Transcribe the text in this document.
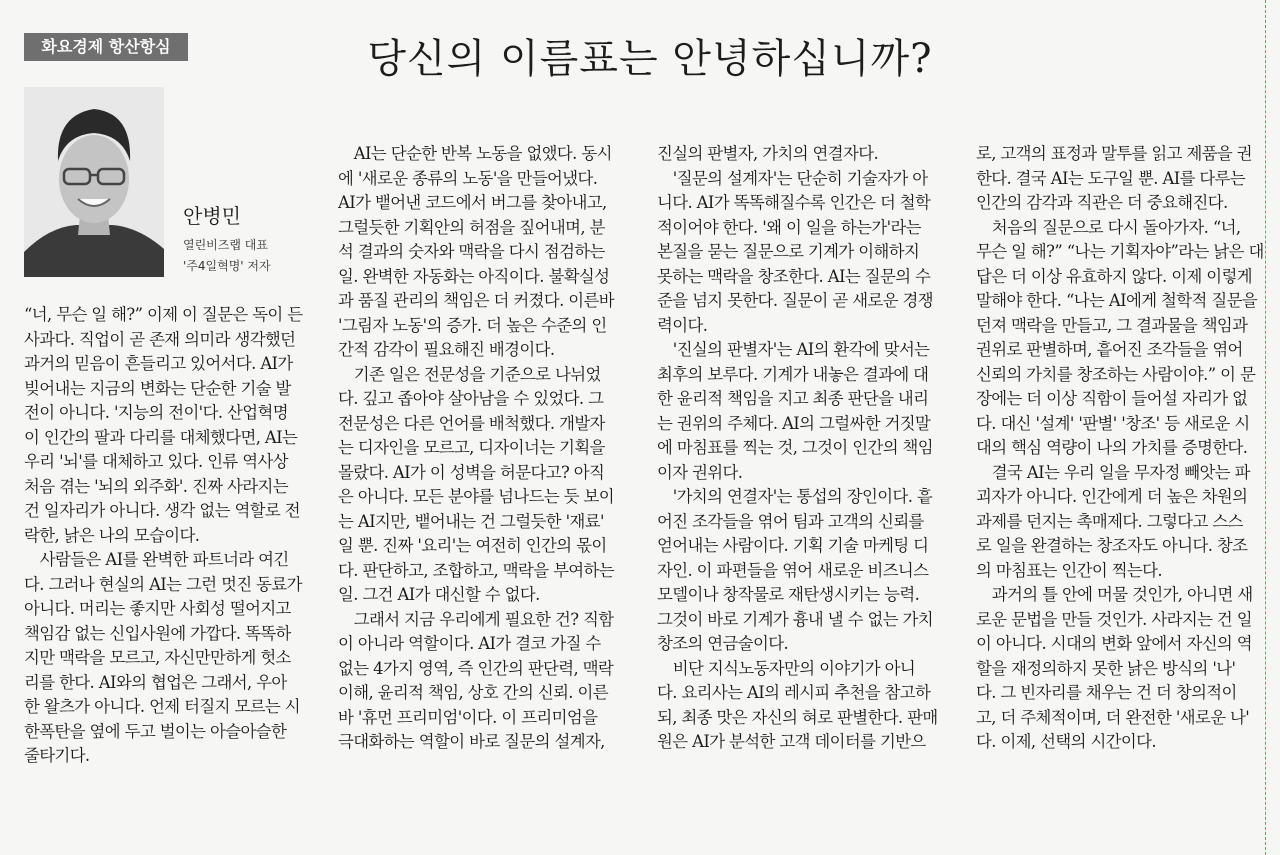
화요경제 항산항심	당신의 이름표는 안녕하십니까?
안병민
열린비즈랩 대표
'주4일혁명' 저자

“너, 무슨 일 해?” 이제 이 질문은 독이 든

사과다. 직업이 곧 존재 의미라 생각했던

과거의 믿음이 흔들리고 있어서다. AI가

빚어내는 지금의 변화는 단순한 기술 발

전이 아니다. '지능의 전이'다. 산업혁명

이 인간의 팔과 다리를 대체했다면, AI는

우리 '뇌'를 대체하고 있다. 인류 역사상

처음 겪는 '뇌의 외주화'. 진짜 사라지는

건 일자리가 아니다. 생각 없는 역할로 전

락한, 낡은 나의 모습이다.

　사람들은 AI를 완벽한 파트너라 여긴

다. 그러나 현실의 AI는 그런 멋진 동료가

아니다. 머리는 좋지만 사회성 떨어지고

책임감 없는 신입사원에 가깝다. 똑똑하

지만 맥락을 모르고, 자신만만하게 헛소

리를 한다. AI와의 협업은 그래서, 우아

한 왈츠가 아니다. 언제 터질지 모르는 시

한폭탄을 옆에 두고 벌이는 아슬아슬한

줄타기다.

　AI는 단순한 반복 노동을 없앴다. 동시

에 '새로운 종류의 노동'을 만들어냈다.

AI가 뱉어낸 코드에서 버그를 찾아내고,

그럴듯한 기획안의 허점을 짚어내며, 분

석 결과의 숫자와 맥락을 다시 점검하는

일. 완벽한 자동화는 아직이다. 불확실성

과 품질 관리의 책임은 더 커졌다. 이른바

'그림자 노동'의 증가. 더 높은 수준의 인

간적 감각이 필요해진 배경이다.

　기존 일은 전문성을 기준으로 나뉘었

다. 깊고 좁아야 살아남을 수 있었다. 그

전문성은 다른 언어를 배척했다. 개발자

는 디자인을 모르고, 디자이너는 기획을

몰랐다. AI가 이 성벽을 허문다고? 아직

은 아니다. 모든 분야를 넘나드는 듯 보이

는 AI지만, 뱉어내는 건 그럴듯한 '재료'

일 뿐. 진짜 '요리'는 여전히 인간의 몫이

다. 판단하고, 조합하고, 맥락을 부여하는

일. 그건 AI가 대신할 수 없다.

　그래서 지금 우리에게 필요한 건? 직함

이 아니라 역할이다. AI가 결코 가질 수

없는 4가지 영역, 즉 인간의 판단력, 맥락

이해, 윤리적 책임, 상호 간의 신뢰. 이른

바 '휴먼 프리미엄'이다. 이 프리미엄을

극대화하는 역할이 바로 질문의 설계자,

진실의 판별자, 가치의 연결자다.

　'질문의 설계자'는 단순히 기술자가 아

니다. AI가 똑똑해질수록 인간은 더 철학

적이어야 한다. '왜 이 일을 하는가'라는

본질을 묻는 질문으로 기계가 이해하지

못하는 맥락을 창조한다. AI는 질문의 수

준을 넘지 못한다. 질문이 곧 새로운 경쟁

력이다.

　'진실의 판별자'는 AI의 환각에 맞서는

최후의 보루다. 기계가 내놓은 결과에 대

한 윤리적 책임을 지고 최종 판단을 내리

는 권위의 주체다. AI의 그럴싸한 거짓말

에 마침표를 찍는 것, 그것이 인간의 책임

이자 권위다.

　'가치의 연결자'는 통섭의 장인이다. 흩

어진 조각들을 엮어 팀과 고객의 신뢰를

얻어내는 사람이다. 기획 기술 마케팅 디

자인. 이 파편들을 엮어 새로운 비즈니스

모델이나 창작물로 재탄생시키는 능력.

그것이 바로 기계가 흉내 낼 수 없는 가치

창조의 연금술이다.

　비단 지식노동자만의 이야기가 아니

다. 요리사는 AI의 레시피 추천을 참고하

되, 최종 맛은 자신의 혀로 판별한다. 판매

원은 AI가 분석한 고객 데이터를 기반으

로, 고객의 표정과 말투를 읽고 제품을 권

한다. 결국 AI는 도구일 뿐. AI를 다루는

인간의 감각과 직관은 더 중요해진다.

　처음의 질문으로 다시 돌아가자. “너,

무슨 일 해?” “나는 기획자야”라는 낡은 대

답은 더 이상 유효하지 않다. 이제 이렇게

말해야 한다. “나는 AI에게 철학적 질문을

던져 맥락을 만들고, 그 결과물을 책임과

권위로 판별하며, 흩어진 조각들을 엮어

신뢰의 가치를 창조하는 사람이야.” 이 문

장에는 더 이상 직함이 들어설 자리가 없

다. 대신 '설계' '판별' '창조' 등 새로운 시

대의 핵심 역량이 나의 가치를 증명한다.

　결국 AI는 우리 일을 무자정 빼앗는 파

괴자가 아니다. 인간에게 더 높은 차원의

과제를 던지는 촉매제다. 그렇다고 스스

로 일을 완결하는 창조자도 아니다. 창조

의 마침표는 인간이 찍는다.

　과거의 틀 안에 머물 것인가, 아니면 새

로운 문법을 만들 것인가. 사라지는 건 일

이 아니다. 시대의 변화 앞에서 자신의 역

할을 재정의하지 못한 낡은 방식의 '나'

다. 그 빈자리를 채우는 건 더 창의적이

고, 더 주체적이며, 더 완전한 '새로운 나'

다. 이제, 선택의 시간이다.
